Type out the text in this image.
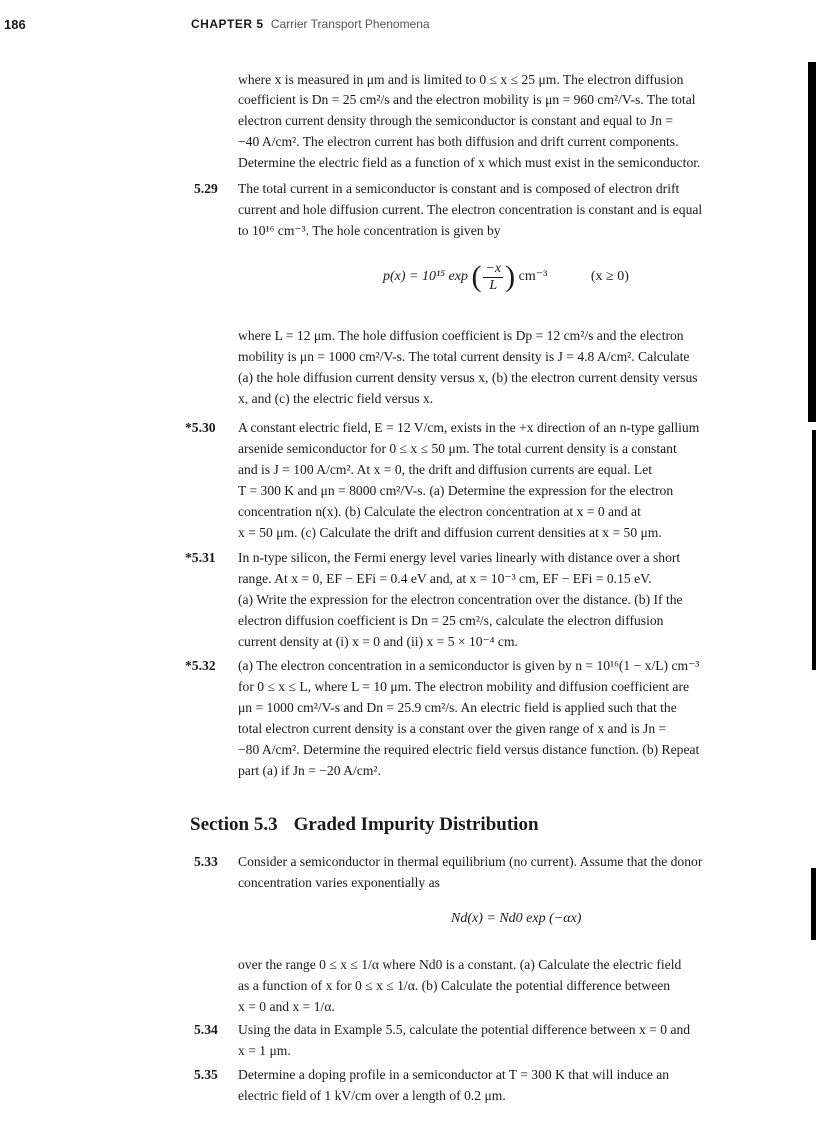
186	CHAPTER 5 Carrier Transport Phenomena
where x is measured in μm and is limited to 0 ≤ x ≤ 25 μm. The electron diffusion
coefficient is Dn = 25 cm²/s and the electron mobility is μn = 960 cm²/V-s. The total
electron current density through the semiconductor is constant and equal to Jn =
−40 A/cm². The electron current has both diffusion and drift current components.
Determine the electric field as a function of x which must exist in the semiconductor.
5.29 The total current in a semiconductor is constant and is composed of electron drift
current and hole diffusion current. The electron concentration is constant and is equal
to 10¹⁶ cm⁻³. The hole concentration is given by
p(x) = 10¹⁵ exp ( $\frac{-x}{L}$ ) cm⁻³	(x ≥ 0)
where L = 12 μm. The hole diffusion coefficient is Dp = 12 cm²/s and the electron
mobility is μn = 1000 cm²/V-s. The total current density is J = 4.8 A/cm². Calculate
(a) the hole diffusion current density versus x, (b) the electron current density versus
x, and (c) the electric field versus x.
*5.30 A constant electric field, E = 12 V/cm, exists in the +x direction of an n-type gallium
arsenide semiconductor for 0 ≤ x ≤ 50 μm. The total current density is a constant
and is J = 100 A/cm². At x = 0, the drift and diffusion currents are equal. Let
T = 300 K and μn = 8000 cm²/V-s. (a) Determine the expression for the electron
concentration n(x). (b) Calculate the electron concentration at x = 0 and at
x = 50 μm. (c) Calculate the drift and diffusion current densities at x = 50 μm.
*5.31 In n-type silicon, the Fermi energy level varies linearly with distance over a short
range. At x = 0, EF − EFi = 0.4 eV and, at x = 10⁻³ cm, EF − EFi = 0.15 eV.
(a) Write the expression for the electron concentration over the distance. (b) If the
electron diffusion coefficient is Dn = 25 cm²/s, calculate the electron diffusion
current density at (i) x = 0 and (ii) x = 5 × 10⁻⁴ cm.
*5.32 (a) The electron concentration in a semiconductor is given by n = 10¹⁶(1 − x/L) cm⁻³
for 0 ≤ x ≤ L, where L = 10 μm. The electron mobility and diffusion coefficient are
μn = 1000 cm²/V-s and Dn = 25.9 cm²/s. An electric field is applied such that the
total electron current density is a constant over the given range of x and is Jn =
−80 A/cm². Determine the required electric field versus distance function. (b) Repeat
part (a) if Jn = −20 A/cm².
Section 5.3 Graded Impurity Distribution
5.33 Consider a semiconductor in thermal equilibrium (no current). Assume that the donor
concentration varies exponentially as
Nd(x) = Nd0 exp (−αx)
over the range 0 ≤ x ≤ 1/α where Nd0 is a constant. (a) Calculate the electric field
as a function of x for 0 ≤ x ≤ 1/α. (b) Calculate the potential difference between
x = 0 and x = 1/α.
5.34 Using the data in Example 5.5, calculate the potential difference between x = 0 and
x = 1 μm.
5.35 Determine a doping profile in a semiconductor at T = 300 K that will induce an
electric field of 1 kV/cm over a length of 0.2 μm.
